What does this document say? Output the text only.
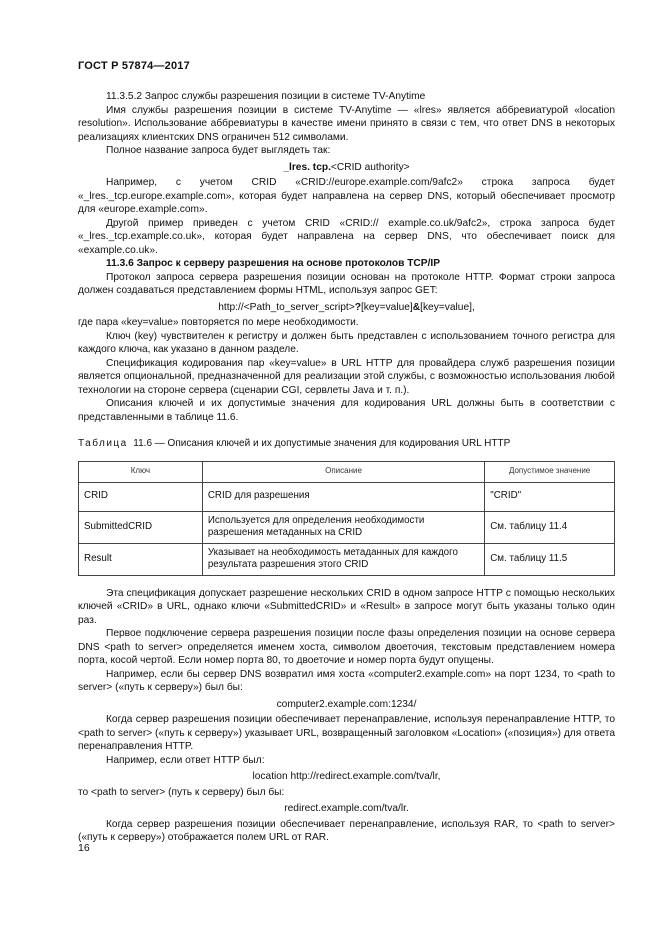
ГОСТ Р 57874—2017

11.3.5.2 Запрос службы разрешения позиции в системе TV-Anytime

Имя службы разрешения позиции в системе TV-Anytime — «lres» является аббревиатурой «location resolution». Использование аббревиатуры в качестве имени принято в связи с тем, что ответ DNS в некоторых реализациях клиентских DNS ограничен 512 символами.

Полное название запроса будет выглядеть так:

_lres. tcp.<CRID authority>

Например, с учетом CRID «CRID://europe.example.com/9afc2» строка запроса будет «_lres._tcp.europe.example.com», которая будет направлена на сервер DNS, который обеспечивает просмотр для «europe.example.com».

Другой пример приведен с учетом CRID «CRID:// example.co.uk/9afc2», строка запроса будет «_lres._tcp.example.co.uk», которая будет направлена на сервер DNS, что обеспечивает поиск для «example.co.uk».

11.3.6 Запрос к серверу разрешения на основе протоколов TCP/IP

Протокол запроса сервера разрешения позиции основан на протоколе HTTP. Формат строки запроса должен создаваться представлением формы HTML, используя запрос GET:

http://<Path_to_server_script>?[key=value]&[key=value],

где пара «key=value» повторяется по мере необходимости.

Ключ (key) чувствителен к регистру и должен быть представлен с использованием точного регистра для каждого ключа, как указано в данном разделе.

Спецификация кодирования пар «key=value» в URL HTTP для провайдера служб разрешения позиции является опциональной, предназначенной для реализации этой службы, с возможностью использования любой технологии на стороне сервера (сценарии CGI, сервлеты Java и т. п.).

Описания ключей и их допустимые значения для кодирования URL должны быть в соответствии с представленными в таблице 11.6.

Таблица 11.6 — Описания ключей и их допустимые значения для кодирования URL HTTP

Ключ	Описание	Допустимое значение
CRID	CRID для разрешения	"CRID"
SubmittedCRID	Используется для определения необходимости разрешения метаданных на CRID	См. таблицу 11.4
Result	Указывает на необходимость метаданных для каждого результата разрешения этого CRID	См. таблицу 11.5

Эта спецификация допускает разрешение нескольких CRID в одном запросе HTTP с помощью нескольких ключей «CRID» в URL, однако ключи «SubmittedCRID» и «Result» в запросе могут быть указаны только один раз.

Первое подключение сервера разрешения позиции после фазы определения позиции на основе сервера DNS <path to server> определяется именем хоста, символом двоеточия, текстовым представлением номера порта, косой чертой. Если номер порта 80, то двоеточие и номер порта будут опущены.

Например, если бы сервер DNS возвратил имя хоста «computer2.example.com» на порт 1234, то <path to server> («путь к серверу») был бы:

computer2.example.com:1234/

Когда сервер разрешения позиции обеспечивает перенаправление, используя перенаправление HTTP, то <path to server> («путь к серверу») указывает URL, возвращенный заголовком «Location» («позиция») для ответа перенаправления HTTP.

Например, если ответ HTTP был:

location http://redirect.example.com/tva/lr,

то <path to server> (путь к серверу) был бы:

redirect.example.com/tva/lr.

Когда сервер разрешения позиции обеспечивает перенаправление, используя RAR, то <path to server> («путь к серверу») отображается полем URL от RAR.

16
